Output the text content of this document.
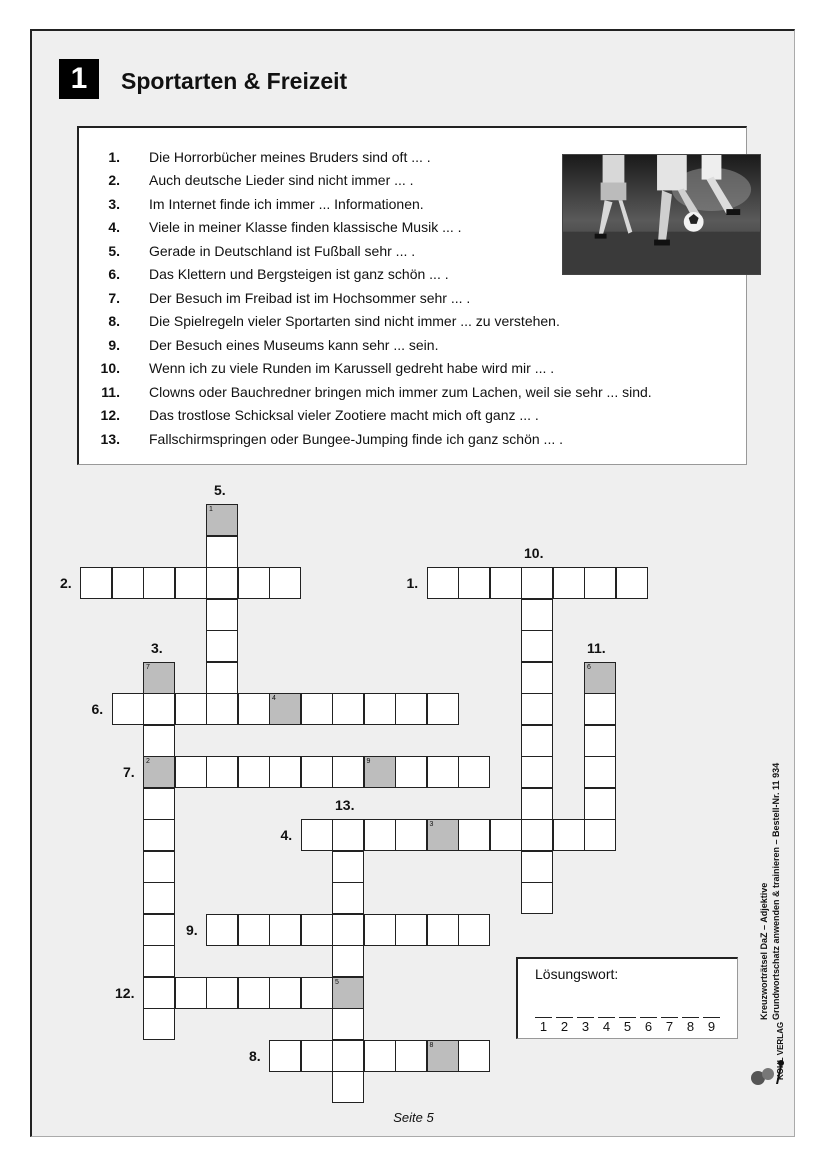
1	Sportarten & Freizeit
1. Die Horrorbücher meines Bruders sind oft ... .
2. Auch deutsche Lieder sind nicht immer ... .
3. Im Internet finde ich immer ... Informationen.
4. Viele in meiner Klasse finden klassische Musik ... .
5. Gerade in Deutschland ist Fußball sehr ... .
6. Das Klettern und Bergsteigen ist ganz schön ... .
7. Der Besuch im Freibad ist im Hochsommer sehr ... .
8. Die Spielregeln vieler Sportarten sind nicht immer ... zu verstehen.
9. Der Besuch eines Museums kann sehr ... sein.
10. Wenn ich zu viele Runden im Karussell gedreht habe wird mir ... .
11. Clowns oder Bauchredner bringen mich immer zum Lachen, weil sie sehr ... sind.
12. Das trostlose Schicksal vieler Zootiere macht mich oft ganz ... .
13. Fallschirmspringen oder Bungee-Jumping finde ich ganz schön ... .
7
2
3
1
4
9
8
6
5
1.
2.
3.
4.
5.
6.
7.
8.
9.
10.
11.
12.
13.
Lösungswort:
1	2	3	4	5	6	7	8	9
Seite 5
Kreuzworträtsel DaZ – Adjektive Grundwortschatz anwenden & trainieren – Bestell-Nr. 11 934
KOHL VERLAG
